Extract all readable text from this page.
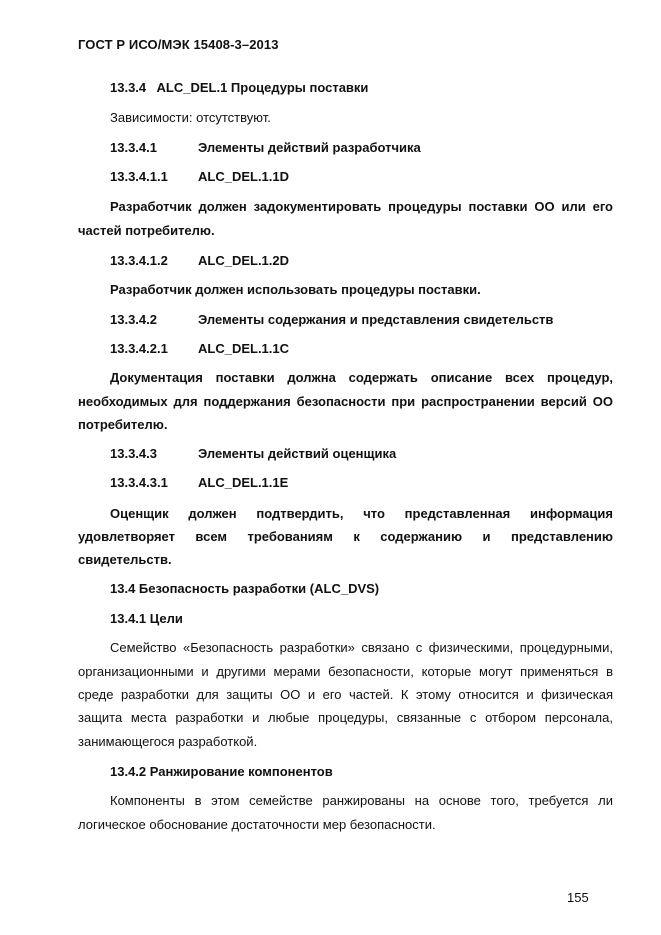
ГОСТ Р ИСО/МЭК 15408-3–2013
13.3.4 ALC_DEL.1 Процедуры поставки
Зависимости: отсутствуют.
13.3.4.1	Элементы действий разработчика
13.3.4.1.1 ALC_DEL.1.1D
Разработчик должен задокументировать процедуры поставки ОО или его
частей потребителю.
13.3.4.1.2 ALC_DEL.1.2D
Разработчик должен использовать процедуры поставки.
13.3.4.2	Элементы содержания и представления свидетельств
13.3.4.2.1 ALC_DEL.1.1C
Документация поставки должна содержать описание всех процедур,
необходимых для поддержания безопасности при распространении версий ОО
потребителю.
13.3.4.3	Элементы действий оценщика
13.3.4.3.1 ALC_DEL.1.1E
Оценщик должен подтвердить, что представленная информация
удовлетворяет всем требованиям к содержанию и представлению
свидетельств.
13.4 Безопасность разработки (ALC_DVS)
13.4.1 Цели
Семейство «Безопасность разработки» связано с физическими, процедурными,
организационными и другими мерами безопасности, которые могут применяться в
среде разработки для защиты ОО и его частей. К этому относится и физическая
защита места разработки и любые процедуры, связанные с отбором персонала,
занимающегося разработкой.
13.4.2 Ранжирование компонентов
Компоненты в этом семействе ранжированы на основе того, требуется ли
логическое обоснование достаточности мер безопасности.
155
